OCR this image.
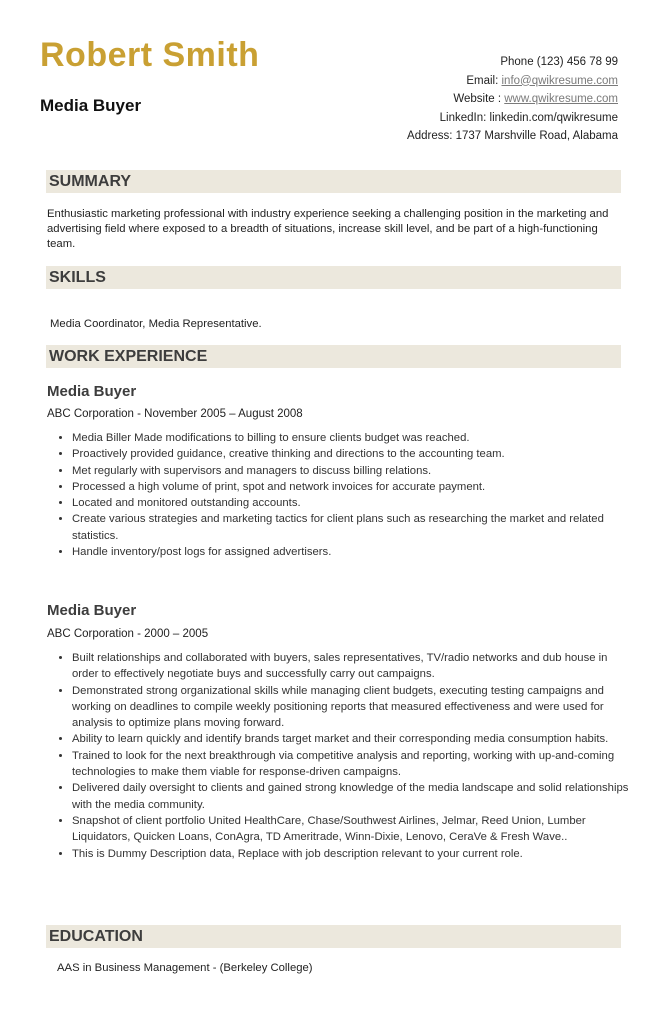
Robert Smith
Media Buyer
Phone (123) 456 78 99
Email: info@qwikresume.com
Website : www.qwikresume.com
LinkedIn: linkedin.com/qwikresume
Address: 1737 Marshville Road, Alabama
SUMMARY
Enthusiastic marketing professional with industry experience seeking a challenging position in the marketing and advertising field where exposed to a breadth of situations, increase skill level, and be part of a high-functioning team.
SKILLS
Media Coordinator, Media Representative.
WORK EXPERIENCE
Media Buyer
ABC Corporation - November 2005 – August 2008
• Media Biller Made modifications to billing to ensure clients budget was reached.
• Proactively provided guidance, creative thinking and directions to the accounting team.
• Met regularly with supervisors and managers to discuss billing relations.
• Processed a high volume of print, spot and network invoices for accurate payment.
• Located and monitored outstanding accounts.
• Create various strategies and marketing tactics for client plans such as researching the market and related statistics.
• Handle inventory/post logs for assigned advertisers.
Media Buyer
ABC Corporation - 2000 – 2005
• Built relationships and collaborated with buyers, sales representatives, TV/radio networks and dub house in order to effectively negotiate buys and successfully carry out campaigns.
• Demonstrated strong organizational skills while managing client budgets, executing testing campaigns and working on deadlines to compile weekly positioning reports that measured effectiveness and were used for analysis to optimize plans moving forward.
• Ability to learn quickly and identify brands target market and their corresponding media consumption habits.
• Trained to look for the next breakthrough via competitive analysis and reporting, working with up-and-coming technologies to make them viable for response-driven campaigns.
• Delivered daily oversight to clients and gained strong knowledge of the media landscape and solid relationships with the media community.
• Snapshot of client portfolio United HealthCare, Chase/Southwest Airlines, Jelmar, Reed Union, Lumber Liquidators, Quicken Loans, ConAgra, TD Ameritrade, Winn-Dixie, Lenovo, CeraVe & Fresh Wave..
• This is Dummy Description data, Replace with job description relevant to your current role.
EDUCATION
AAS in Business Management - (Berkeley College)
